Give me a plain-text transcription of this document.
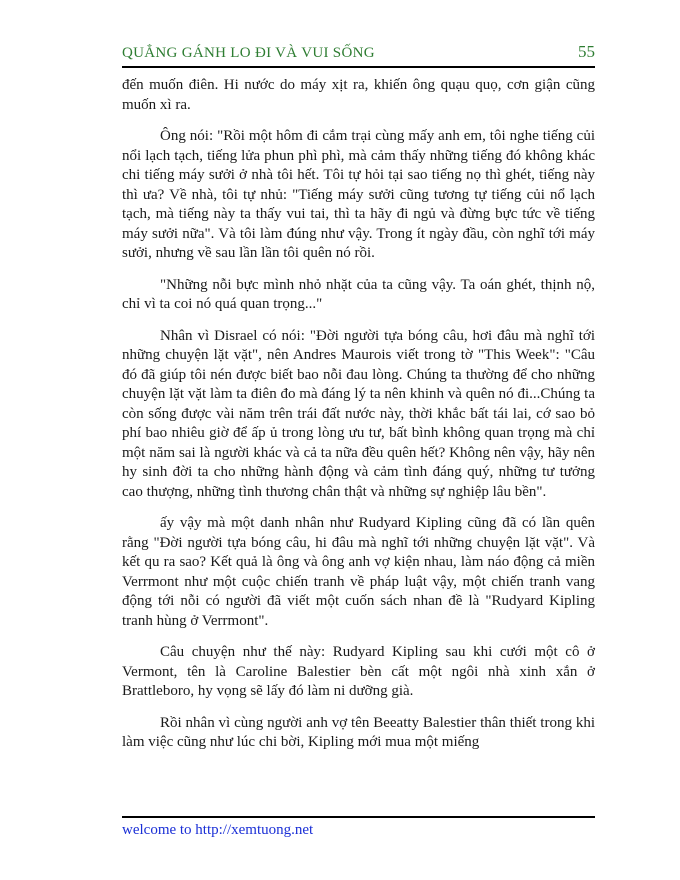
QUẲNG GÁNH LO ĐI VÀ VUI SỐNG	55

đến muốn điên. Hi nước do máy xịt ra, khiến ông quạu quọ, cơn giận cũng muốn xì ra.

Ông nói: "Rồi một hôm đi cắm trại cùng mấy anh em, tôi nghe tiếng củi nổi lạch tạch, tiếng lửa phun phì phì, mà cảm thấy những tiếng đó không khác chi tiếng máy sưởi ở nhà tôi hết. Tôi tự hỏi tại sao tiếng nọ thì ghét, tiếng này thì ưa? Về nhà, tôi tự nhủ: "Tiếng máy sưởi cũng tương tự tiếng củi nổ lạch tạch, mà tiếng này ta thấy vui tai, thì ta hãy đi ngủ và đừng bực tức về tiếng máy sưởi nữa". Và tôi làm đúng như vậy. Trong ít ngày đầu, còn nghĩ tới máy sưởi, nhưng về sau lần lần tôi quên nó rồi.

"Những nỗi bực mình nhỏ nhặt của ta cũng vậy. Ta oán ghét, thịnh nộ, chỉ vì ta coi nó quá quan trọng..."

Nhân vì Disrael có nói: "Đời người tựa bóng câu, hơi đâu mà nghĩ tới những chuyện lặt vặt", nên Andres Maurois viết trong tờ "This Week": "Câu đó đã giúp tôi nén được biết bao nỗi đau lòng. Chúng ta thường để cho những chuyện lặt vặt làm ta điên đo mà đáng lý ta nên khinh và quên nó đi...Chúng ta còn sống được vài năm trên trái đất nước này, thời khắc bất tái lai, cớ sao bỏ phí bao nhiêu giờ để ấp ủ trong lòng ưu tư, bất bình không quan trọng mà chỉ một năm sai là người khác và cả ta nữa đều quên hết? Không nên vậy, hãy nên hy sinh đời ta cho những hành động và cảm tình đáng quý, những tư tưởng cao thượng, những tình thương chân thật và những sự nghiệp lâu bền".

ấy vậy mà một danh nhân như Rudyard Kipling cũng đã có lần quên rằng "Đời người tựa bóng câu, hi đâu mà nghĩ tới những chuyện lặt vặt". Và kết qu ra sao? Kết quả là ông và ông anh vợ kiện nhau, làm náo động cả miền Verrmont như một cuộc chiến tranh về pháp luật vậy, một chiến tranh vang động tới nỗi có người đã viết một cuốn sách nhan đề là "Rudyard Kipling tranh hùng ở Verrmont".

Câu chuyện như thế này: Rudyard Kipling sau khi cưới một cô ở Vermont, tên là Caroline Balestier bèn cất một ngôi nhà xinh xắn ở Brattleboro, hy vọng sẽ lấy đó làm ni dưỡng già.

Rồi nhân vì cùng người anh vợ tên Beeatty Balestier thân thiết trong khi làm việc cũng như lúc chi bời, Kipling mới mua một miếng

welcome to http://xemtuong.net
